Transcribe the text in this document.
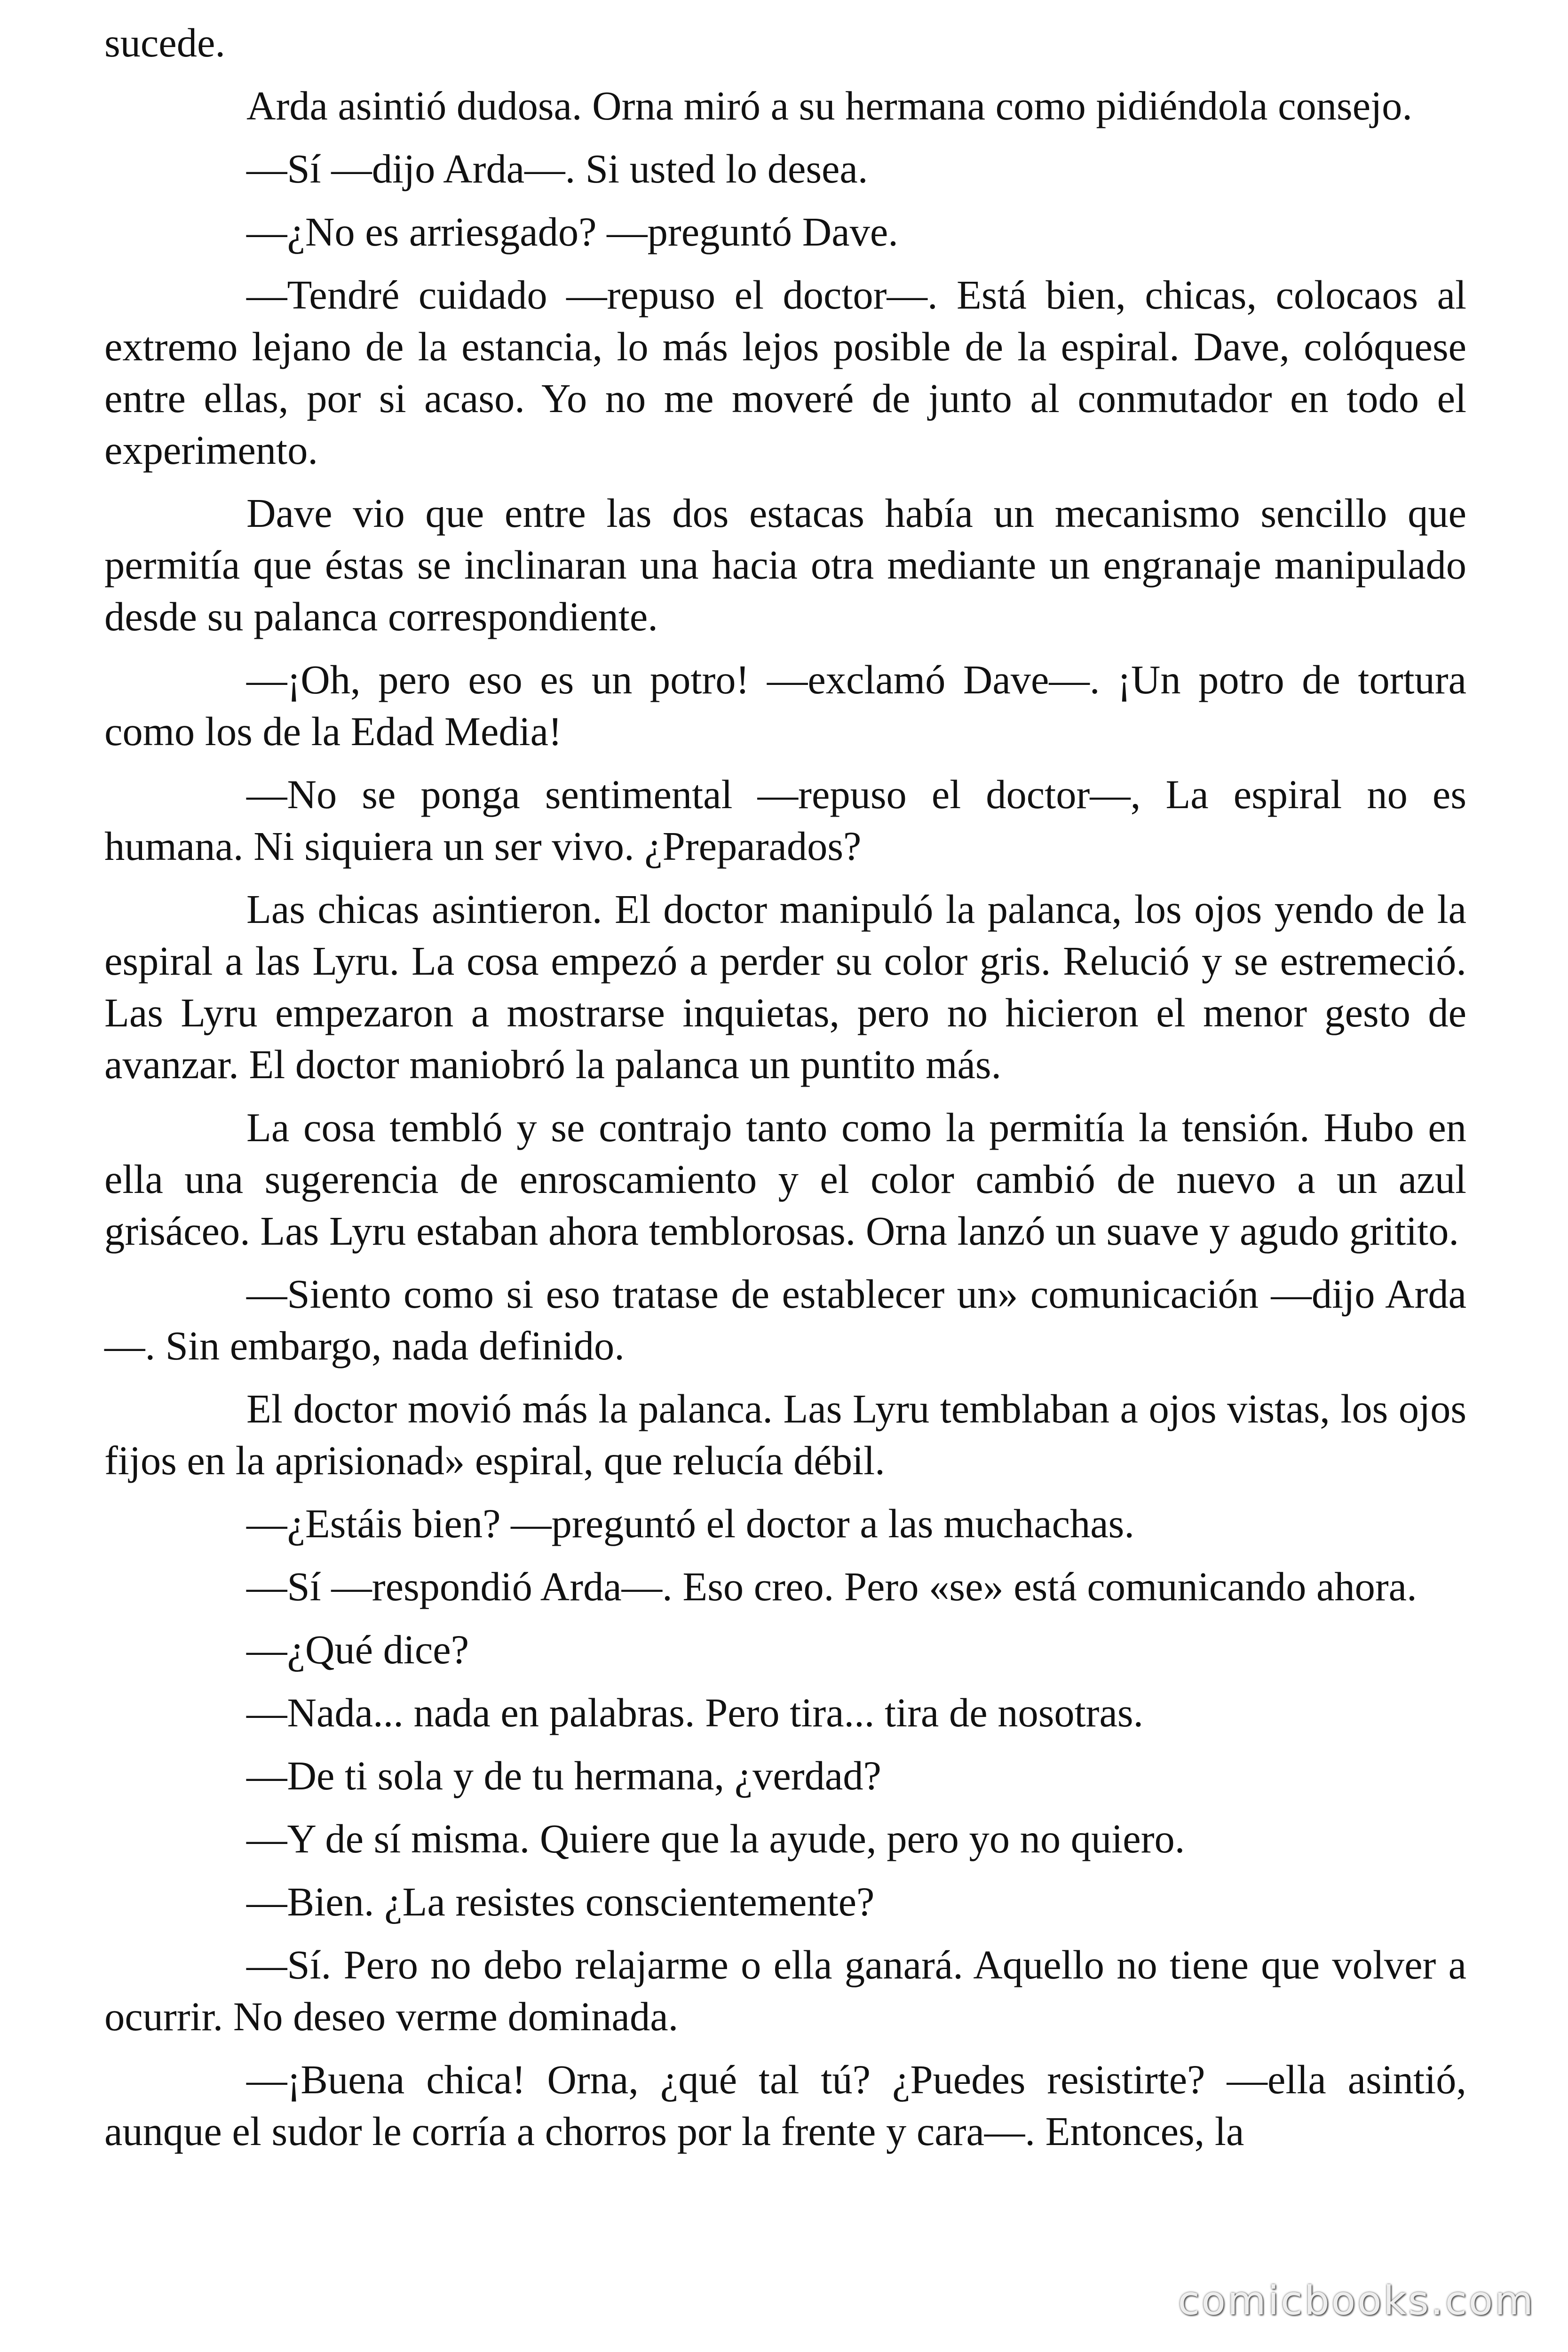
sucede.

Arda asintió dudosa. Orna miró a su hermana como pidiéndola consejo.

—Sí —dijo Arda—. Si usted lo desea.

—¿No es arriesgado? —preguntó Dave.

—Tendré cuidado —repuso el doctor—. Está bien, chicas, colocaos al extremo lejano de la estancia, lo más lejos posible de la espiral. Dave, colóquese entre ellas, por si acaso. Yo no me moveré de junto al conmutador en todo el experimento.

Dave vio que entre las dos estacas había un mecanismo sencillo que permitía que éstas se inclinaran una hacia otra mediante un engranaje manipulado desde su palanca correspondiente.

—¡Oh, pero eso es un potro! —exclamó Dave—. ¡Un potro de tortura como los de la Edad Media!

—No se ponga sentimental —repuso el doctor—, La espiral no es humana. Ni siquiera un ser vivo. ¿Preparados?

Las chicas asintieron. El doctor manipuló la palanca, los ojos yendo de la espiral a las Lyru. La cosa empezó a perder su color gris. Relució y se estremeció. Las Lyru empezaron a mostrarse inquietas, pero no hicieron el menor gesto de avanzar. El doctor maniobró la palanca un puntito más.

La cosa tembló y se contrajo tanto como la permitía la tensión. Hubo en ella una sugerencia de enroscamiento y el color cambió de nuevo a un azul grisáceo. Las Lyru estaban ahora temblorosas. Orna lanzó un suave y agudo gritito.

—Siento como si eso tratase de establecer un» comunicación —dijo Arda—. Sin embargo, nada definido.

El doctor movió más la palanca. Las Lyru temblaban a ojos vistas, los ojos fijos en la aprisionad» espiral, que relucía débil.

—¿Estáis bien? —preguntó el doctor a las muchachas.

—Sí —respondió Arda—. Eso creo. Pero «se» está comunicando ahora.

—¿Qué dice?

—Nada... nada en palabras. Pero tira... tira de nosotras.

—De ti sola y de tu hermana, ¿verdad?

—Y de sí misma. Quiere que la ayude, pero yo no quiero.

—Bien. ¿La resistes conscientemente?

—Sí. Pero no debo relajarme o ella ganará. Aquello no tiene que volver a ocurrir. No deseo verme dominada.

—¡Buena chica! Orna, ¿qué tal tú? ¿Puedes resistirte? —ella asintió, aunque el sudor le corría a chorros por la frente y cara—. Entonces, la

comicbooks.com
